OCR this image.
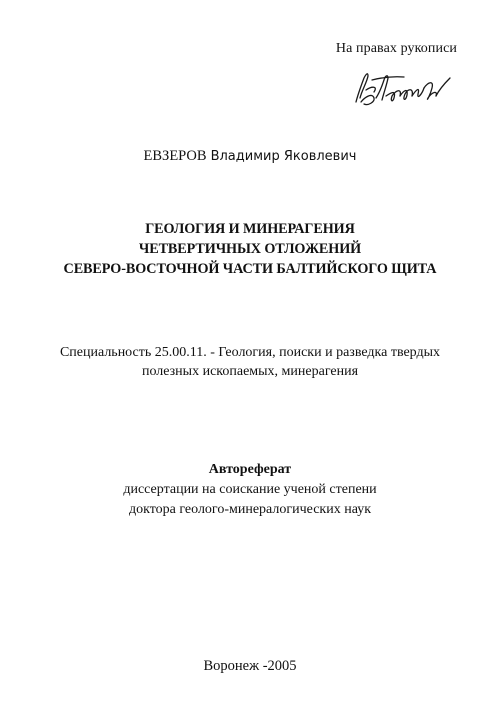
На правах рукописи
ЕВЗЕРОВ Владимир Яковлевич
ГЕОЛОГИЯ И МИНЕРАГЕНИЯ
ЧЕТВЕРТИЧНЫХ ОТЛОЖЕНИЙ
СЕВЕРО-ВОСТОЧНОЙ ЧАСТИ БАЛТИЙСКОГО ЩИТА
Специальность 25.00.11. - Геология, поиски и разведка твердых
полезных ископаемых, минерагения
Автореферат
диссертации на соискание ученой степени
доктора геолого-минералогических наук
Воронеж -2005
